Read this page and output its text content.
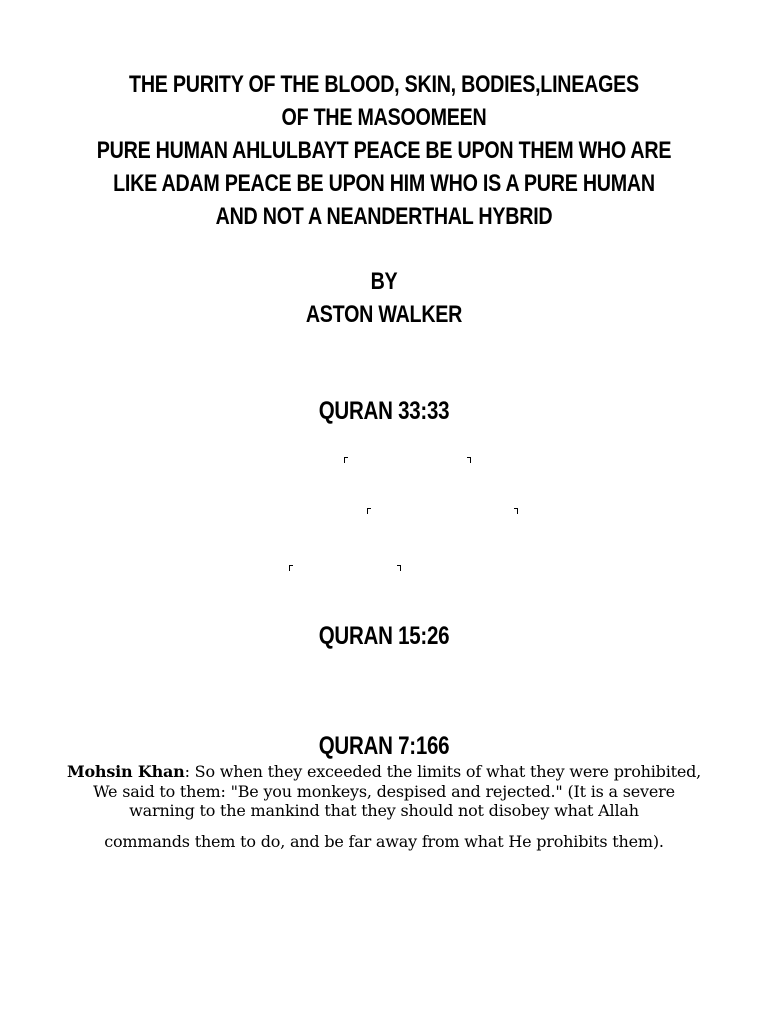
THE PURITY OF THE BLOOD, SKIN, BODIES,LINEAGES
OF THE MASOOMEEN
PURE HUMAN AHLULBAYT PEACE BE UPON THEM WHO ARE
LIKE ADAM PEACE BE UPON HIM WHO IS A PURE HUMAN
AND NOT A NEANDERTHAL HYBRID
BY
ASTON WALKER
QURAN 33:33
QURAN 15:26
QURAN 7:166
Mohsin Khan: So when they exceeded the limits of what they were prohibited, We said to them: "Be you monkeys, despised and rejected." (It is a severe warning to the mankind that they should not disobey what Allah
commands them to do, and be far away from what He prohibits them).
